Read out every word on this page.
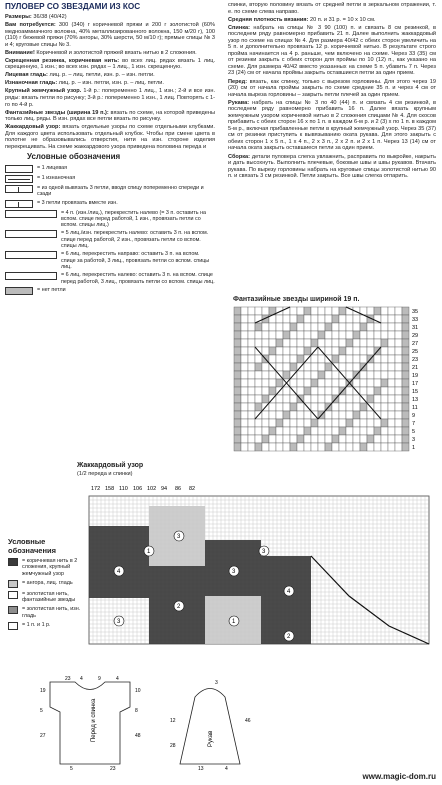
ПУЛОВЕР СО ЗВЕЗДАМИ ИЗ КОС
Размеры: 36/38 (40/42)
Вам потребуется: 300 (340) г коричневой пряжи и 200 г золотистой (60% медноаммиачного волокна, 40% металлизированного волокна, 150 м/20 г), 100 (110) г бежевой пряжи (70% ангоры, 30% шерсти, 50 м/10 г); прямые спицы № 3 и 4; круговые спицы № 3.
Внимание! Коричневой и золотистой пряжей вязать нитью в 2 сложения.
Скрещенная резинка, коричневая нить: во всех лиц. рядах вязать 1 лиц. скрещенную, 1 изн.; во всех изн. рядах – 1 лиц., 1 изн. скрещенную.
Лицевая гладь: лиц. р. – лиц. петли, изн. р. – изн. петли.
Изнаночная гладь: лиц. р. – изн. петли, изн. р. – лиц. петли.
Крупный жемчужный узор. 1-й р.: попеременно 1 лиц., 1 изн.; 2-й и все изн. ряды: вязать петли по рисунку; 3-й р.: попеременно 1 изн., 1 лиц. Повторять с 1-го по 4-й р.
Фантазийные звезды (ширина 19 п.): вязать по схеме, на которой приведены только лиц. ряды. В изн. рядах все петли вязать по рисунку.
Жаккардовый узор: вязать отдельные узоры по схеме отдельными клубками. Для каждого цвета использовать отдельный клубок. Чтобы при смене цвета в полотне не образовывались отверстия, нити на изн. стороне изделия перекрещивать. На схеме жаккардового узора приведена половина переда и
Условные обозначения
= 1 лицевая
= 1 изнаночная
= из одной вывязать 3 петли, вводя спицу попеременно спереди и сзади
= 3 петли провязать вместе изн.
= 4 п. (изн./лиц.), перекрестить налево (= 3 п. оставить на вспом. спице перед работой, 1 изн., провязать петли со вспом. спицы лиц.)
= 5 лиц./изн. перекрестить налево: оставить 3 п. на вспом. спице перед работой, 2 изн., провязать петли со вспом. спицы лиц.
= 6 лиц. перекрестить направо: оставить 3 п. на вспом. спице за работой, 3 лиц., провязать петли со вспом. спицы лиц.
= 6 лиц. перекрестить налево: оставить 3 п. на вспом. спице перед работой, 3 лиц., провязать петли со вспом. спицы лиц.
= нет петли
спинки, вторую половину вязать от средней петли в зеркальном отражении, т. е. по схеме слева направо.
Средняя плотность вязания: 20 п. и 31 р. = 10 х 10 см.
Спинка: набрать на спицы № 3 90 (100) п. и связать 8 см резинкой, в последнем ряду равномерно прибавить 21 п. Далее выполнить жаккардовый узор по схеме на спицах № 4. Для размера 40/42 с обеих сторон увеличить на 5 п. и дополнительно провязать 12 р. коричневой нитью. В результате строго пройма начинается на 4 р. раньше, чем включено на схеме. Через 33 (35) см от резинки закрыть с обеих сторон для проймы по 10 (12) п., как указано на схеме. Для размера 40/42 вместо указанных на схеме 5 п. убавить 7 п. Через 23 (24) см от начала проймы закрыть оставшиеся петли за один прием.
Перед: вязать, как спинку, только с вырезом горловины. Для этого через 19 (20) см от начала проймы закрыть по схеме средние 35 п. и через 4 см от начала выреза горловины – закрыть петли плечей за один прием.
Рукава: набрать на спицы № 3 по 40 (44) п. и связать 4 см резинкой, в последнем ряду равномерно прибавить 16 п. Далее вязать крупным жемчужным узором коричневой нитью в 2 сложения спицами № 4. Для скосов прибавить с обеих сторон 16 х по 1 п. в каждом 6-м р. и 2 (3) х по 1 п. в каждом 5-м р., включая прибавленные петли в крупный жемчужный узор. Через 35 (37) см от резинки приступить к вывязыванию оката рукава. Для этого закрыть с обеих сторон 1 х 5 п., 1 х 4 п., 2 х 3 п., 2 х 2 п. и 2 х 1 п. Через 13 (14) см от начала оката закрыть оставшиеся петли за один прием.
Сборка: детали пуловера слегка увлажнить, расправить по выкройке, накрыть и дать высохнуть. Выполнить плечевые, боковые швы и швы рукавов. Втачать рукава. По вырезу горловины набрать на круговые спицы золотистой нитью 90 п. и связать 3 см резинкой. Петли закрыть. Все швы слегка отпарить.
Фантазийные звезды шириной 19 п.
35
33
31
29
27
25
23
21
19
17
15
13
11
9
7
5
3
1
Жаккардовый узор
(1/2 переда и спинки)
172 158 110 106 102 94 86 82
4
3
2
3
1
4
2
3
1	3
Условные обозначения
= коричневая нить в 2 сложения, крупный жемчужный узор
= ангора, лиц. гладь
= золотистая нить, фантазийные звезды
= золотистая нить, изн. гладь
= 1 п. и 1 р.
Перед и спинка	Рукав
23 4	9	4
19
5
27
10
8
48
5	23
12
28
13
46
3
4
www.magic-dom.ru
